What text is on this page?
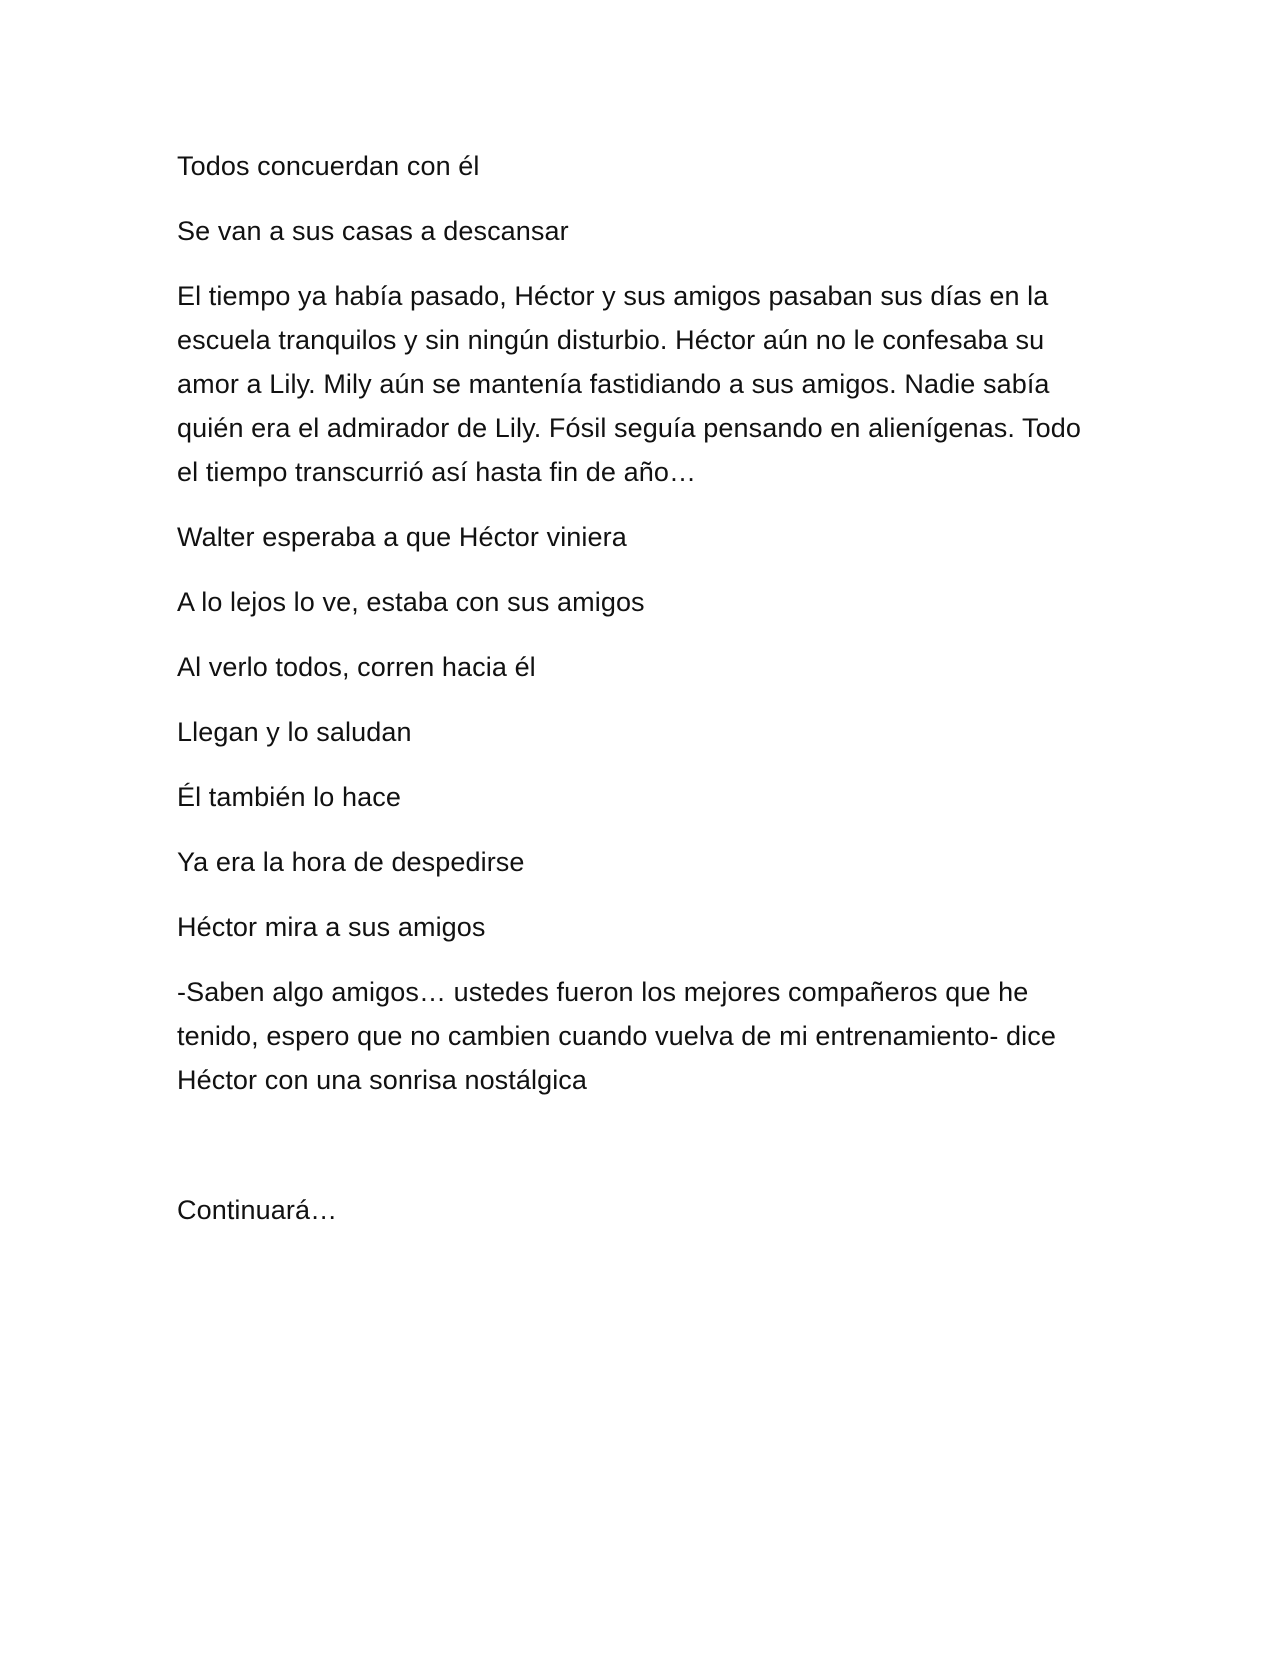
Todos concuerdan con él

Se van a sus casas a descansar

El tiempo ya había pasado, Héctor y sus amigos pasaban sus días en la escuela tranquilos y sin ningún disturbio. Héctor aún no le confesaba su amor a Lily. Mily aún se mantenía fastidiando a sus amigos. Nadie sabía quién era el admirador de Lily. Fósil seguía pensando en alienígenas. Todo el tiempo transcurrió así hasta fin de año…

Walter esperaba a que Héctor viniera

A lo lejos lo ve, estaba con sus amigos

Al verlo todos, corren hacia él

Llegan y lo saludan

Él también lo hace

Ya era la hora de despedirse

Héctor mira a sus amigos

-Saben algo amigos… ustedes fueron los mejores compañeros que he tenido, espero que no cambien cuando vuelva de mi entrenamiento- dice Héctor con una sonrisa nostálgica

Continuará…
